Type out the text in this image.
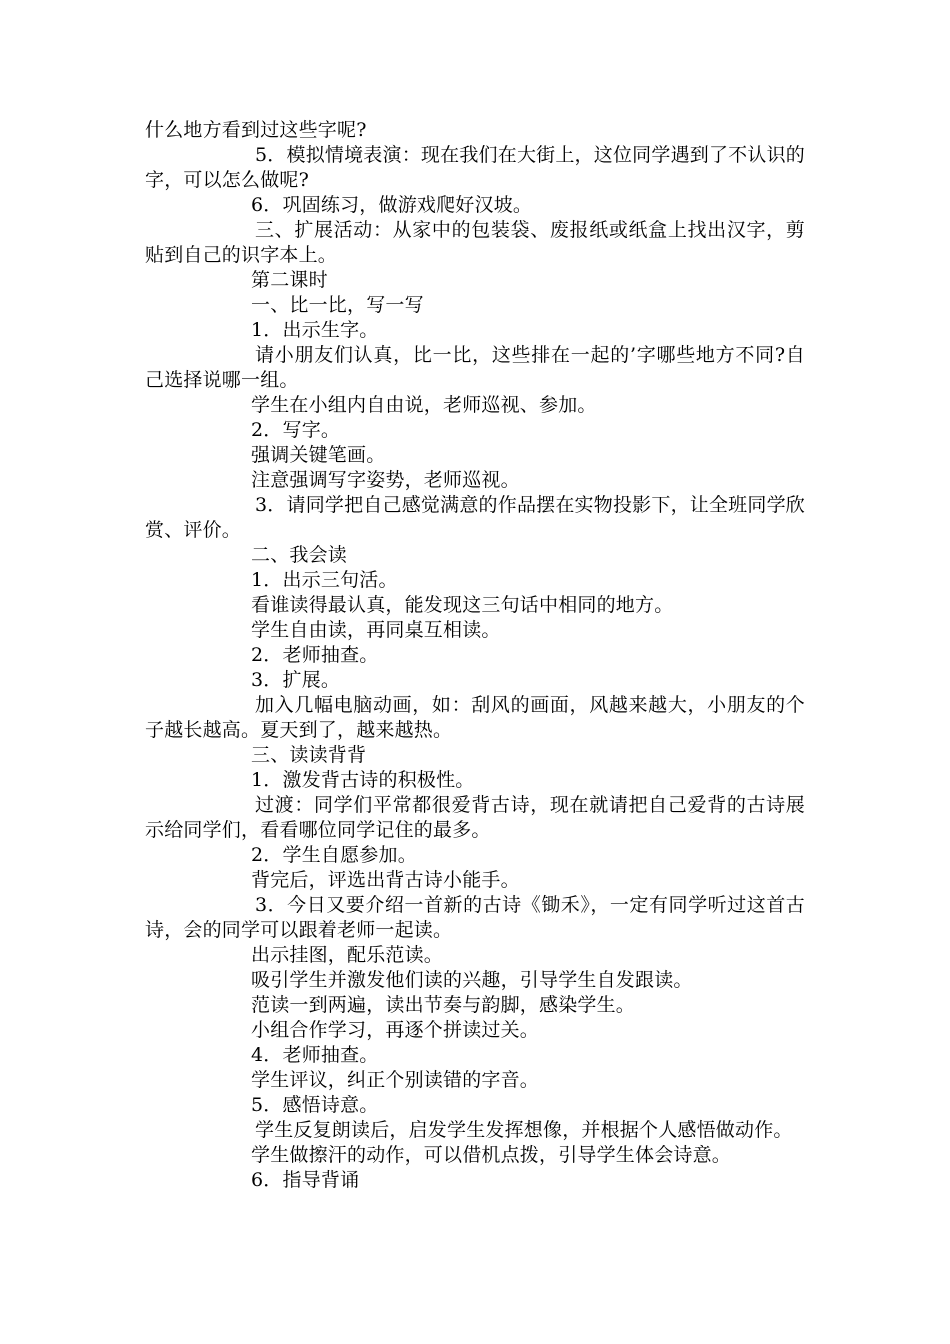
什么地方看到过这些字呢?

5．模拟情境表演：现在我们在大街上，这位同学遇到了不认识的字，可以怎么做呢?

6．巩固练习，做游戏爬好汉坡。

三、扩展活动：从家中的包装袋、废报纸或纸盒上找出汉字，剪贴到自己的识字本上。

第二课时

一、比一比，写一写

1．出示生字。

请小朋友们认真，比一比，这些排在一起的’字哪些地方不同?自己选择说哪一组。

学生在小组内自由说，老师巡视、参加。

2．写字。

强调关键笔画。

注意强调写字姿势，老师巡视。

3．请同学把自己感觉满意的作品摆在实物投影下，让全班同学欣赏、评价。

二、我会读

1．出示三句活。

看谁读得最认真，能发现这三句话中相同的地方。

学生自由读，再同桌互相读。

2．老师抽查。

3．扩展。

加入几幅电脑动画，如：刮风的画面，风越来越大，小朋友的个子越长越高。夏天到了，越来越热。

三、读读背背

1．激发背古诗的积极性。

过渡：同学们平常都很爱背古诗，现在就请把自己爱背的古诗展示给同学们，看看哪位同学记住的最多。

2．学生自愿参加。

背完后，评选出背古诗小能手。

3．今日又要介绍一首新的古诗《锄禾》，一定有同学听过这首古诗，会的同学可以跟着老师一起读。

出示挂图，配乐范读。

吸引学生并激发他们读的兴趣，引导学生自发跟读。

范读一到两遍，读出节奏与韵脚，感染学生。

小组合作学习，再逐个拼读过关。

4．老师抽查。

学生评议，纠正个别读错的字音。

5．感悟诗意。

学生反复朗读后，启发学生发挥想像，并根据个人感悟做动作。

学生做擦汗的动作，可以借机点拨，引导学生体会诗意。

6．指导背诵
